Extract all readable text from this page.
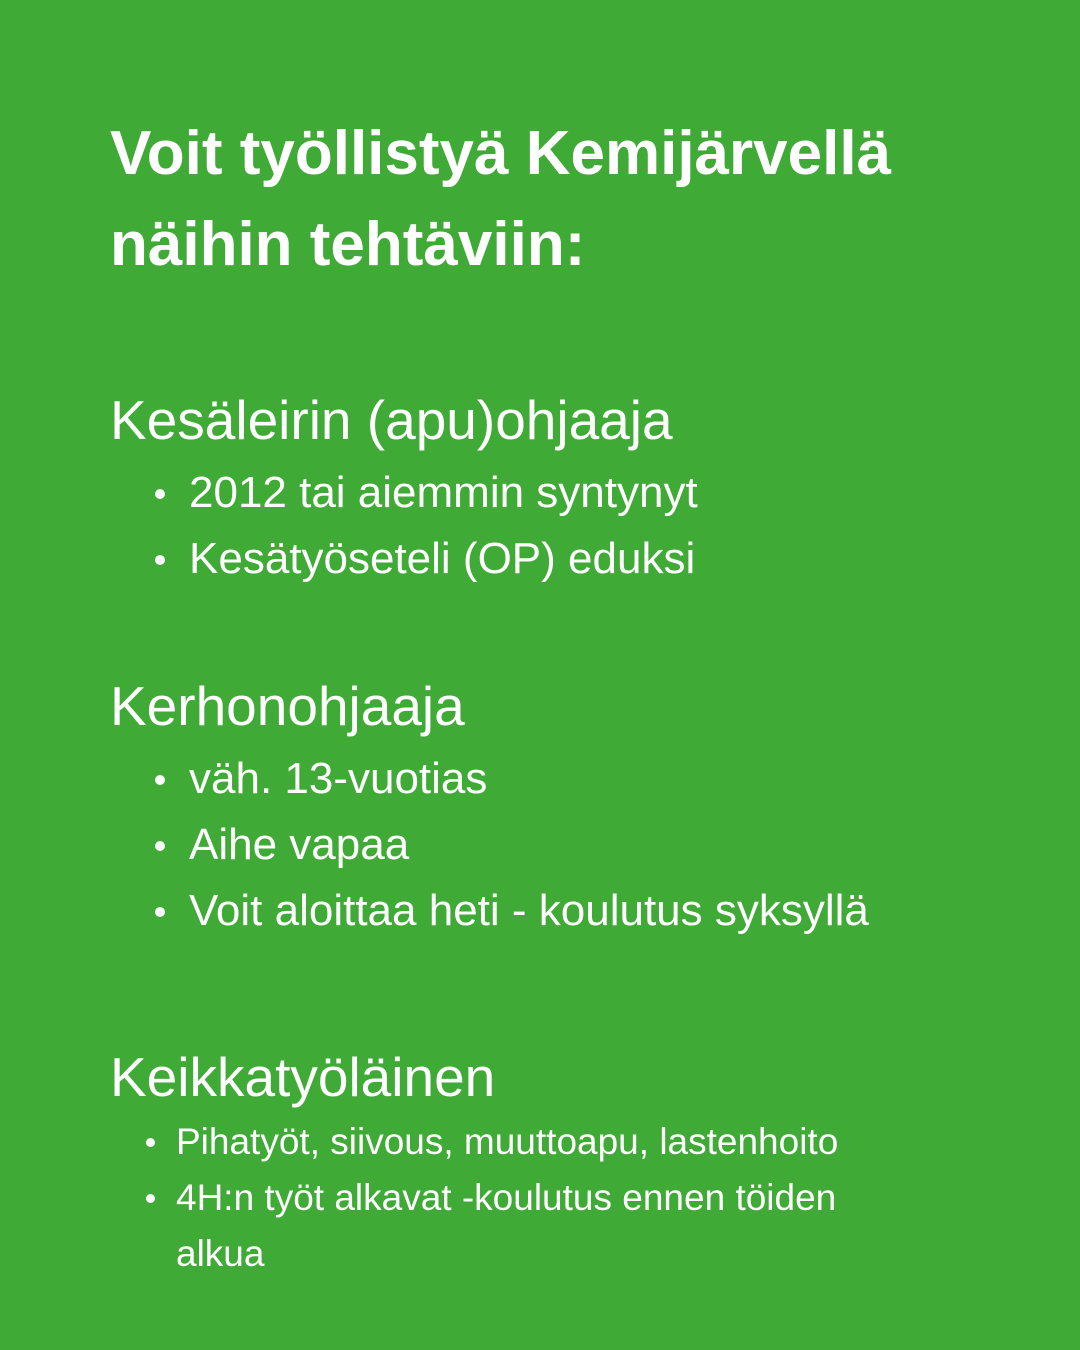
Voit työllistyä Kemijärvellä
näihin tehtäviin:
Kesäleirin (apu)ohjaaja
2012 tai aiemmin syntynyt
Kesätyöseteli (OP) eduksi
Kerhonohjaaja
väh. 13-vuotias
Aihe vapaa
Voit aloittaa heti - koulutus syksyllä
Keikkatyöläinen
Pihatyöt, siivous, muuttoapu, lastenhoito
4H:n työt alkavat -koulutus ennen töiden alkua
